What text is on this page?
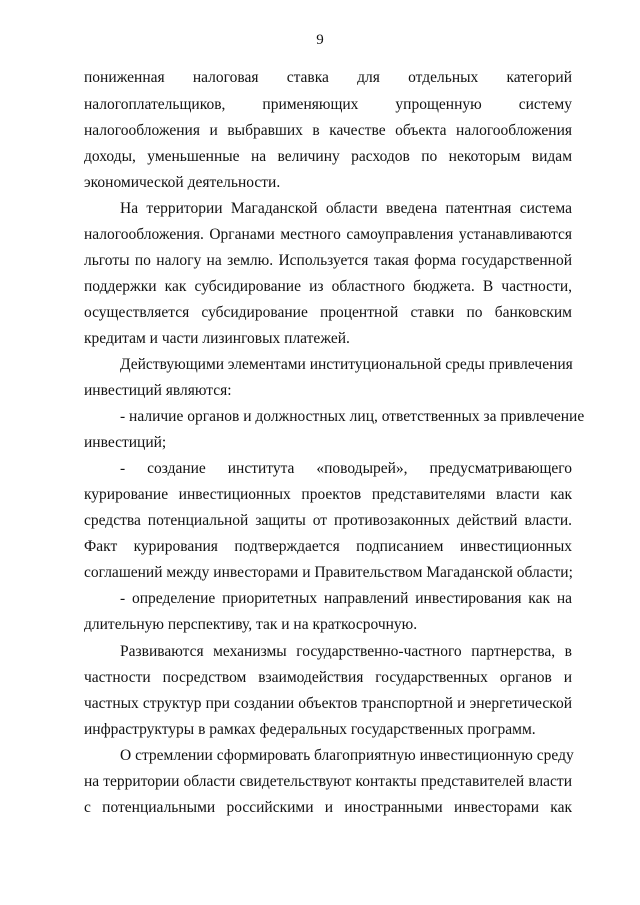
9
пониженная налоговая ставка для отдельных категорий
налогоплательщиков, применяющих упрощенную систему
налогообложения и выбравших в качестве объекта налогообложения
доходы, уменьшенные на величину расходов по некоторым видам
экономической деятельности.
На территории Магаданской области введена патентная система
налогообложения. Органами местного самоуправления устанавливаются
льготы по налогу на землю. Используется такая форма государственной
поддержки как субсидирование из областного бюджета. В частности,
осуществляется субсидирование процентной ставки по банковским
кредитам и части лизинговых платежей.
Действующими элементами институциональной среды привлечения
инвестиций являются:
- наличие органов и должностных лиц, ответственных за привлечение
инвестиций;
- создание института «поводырей», предусматривающего
курирование инвестиционных проектов представителями власти как
средства потенциальной защиты от противозаконных действий власти.
Факт курирования подтверждается подписанием инвестиционных
соглашений между инвесторами и Правительством Магаданской области;
- определение приоритетных направлений инвестирования как на
длительную перспективу, так и на краткосрочную.
Развиваются механизмы государственно-частного партнерства, в
частности посредством взаимодействия государственных органов и
частных структур при создании объектов транспортной и энергетической
инфраструктуры в рамках федеральных государственных программ.
О стремлении сформировать благоприятную инвестиционную среду
на территории области свидетельствуют контакты представителей власти
с потенциальными российскими и иностранными инвесторами как
